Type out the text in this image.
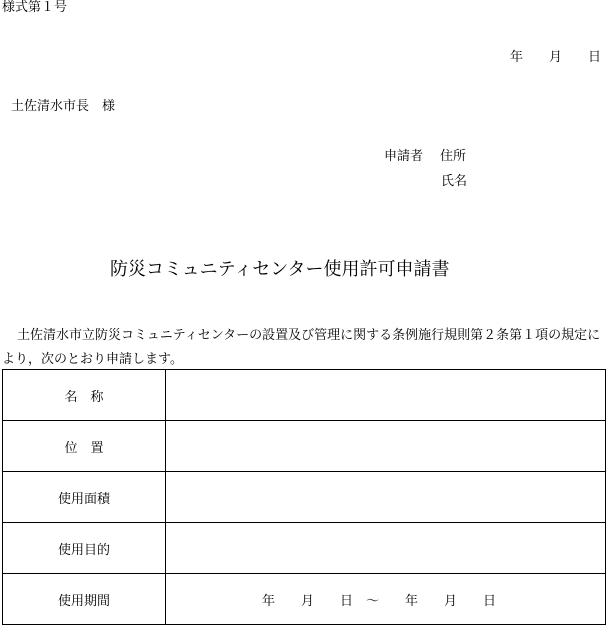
様式第１号
年　　月　　日
土佐清水市長　様
申請者 住所
氏名
防災コミュニティセンター使用許可申請書
土佐清水市立防災コミュニティセンターの設置及び管理に関する条例施行規則第２条第１項の規定により，次のとおり申請します。
名　称	
位　置	
使用面積	
使用目的	
使用期間	年　　月　　日　～　　年　　月　　日
